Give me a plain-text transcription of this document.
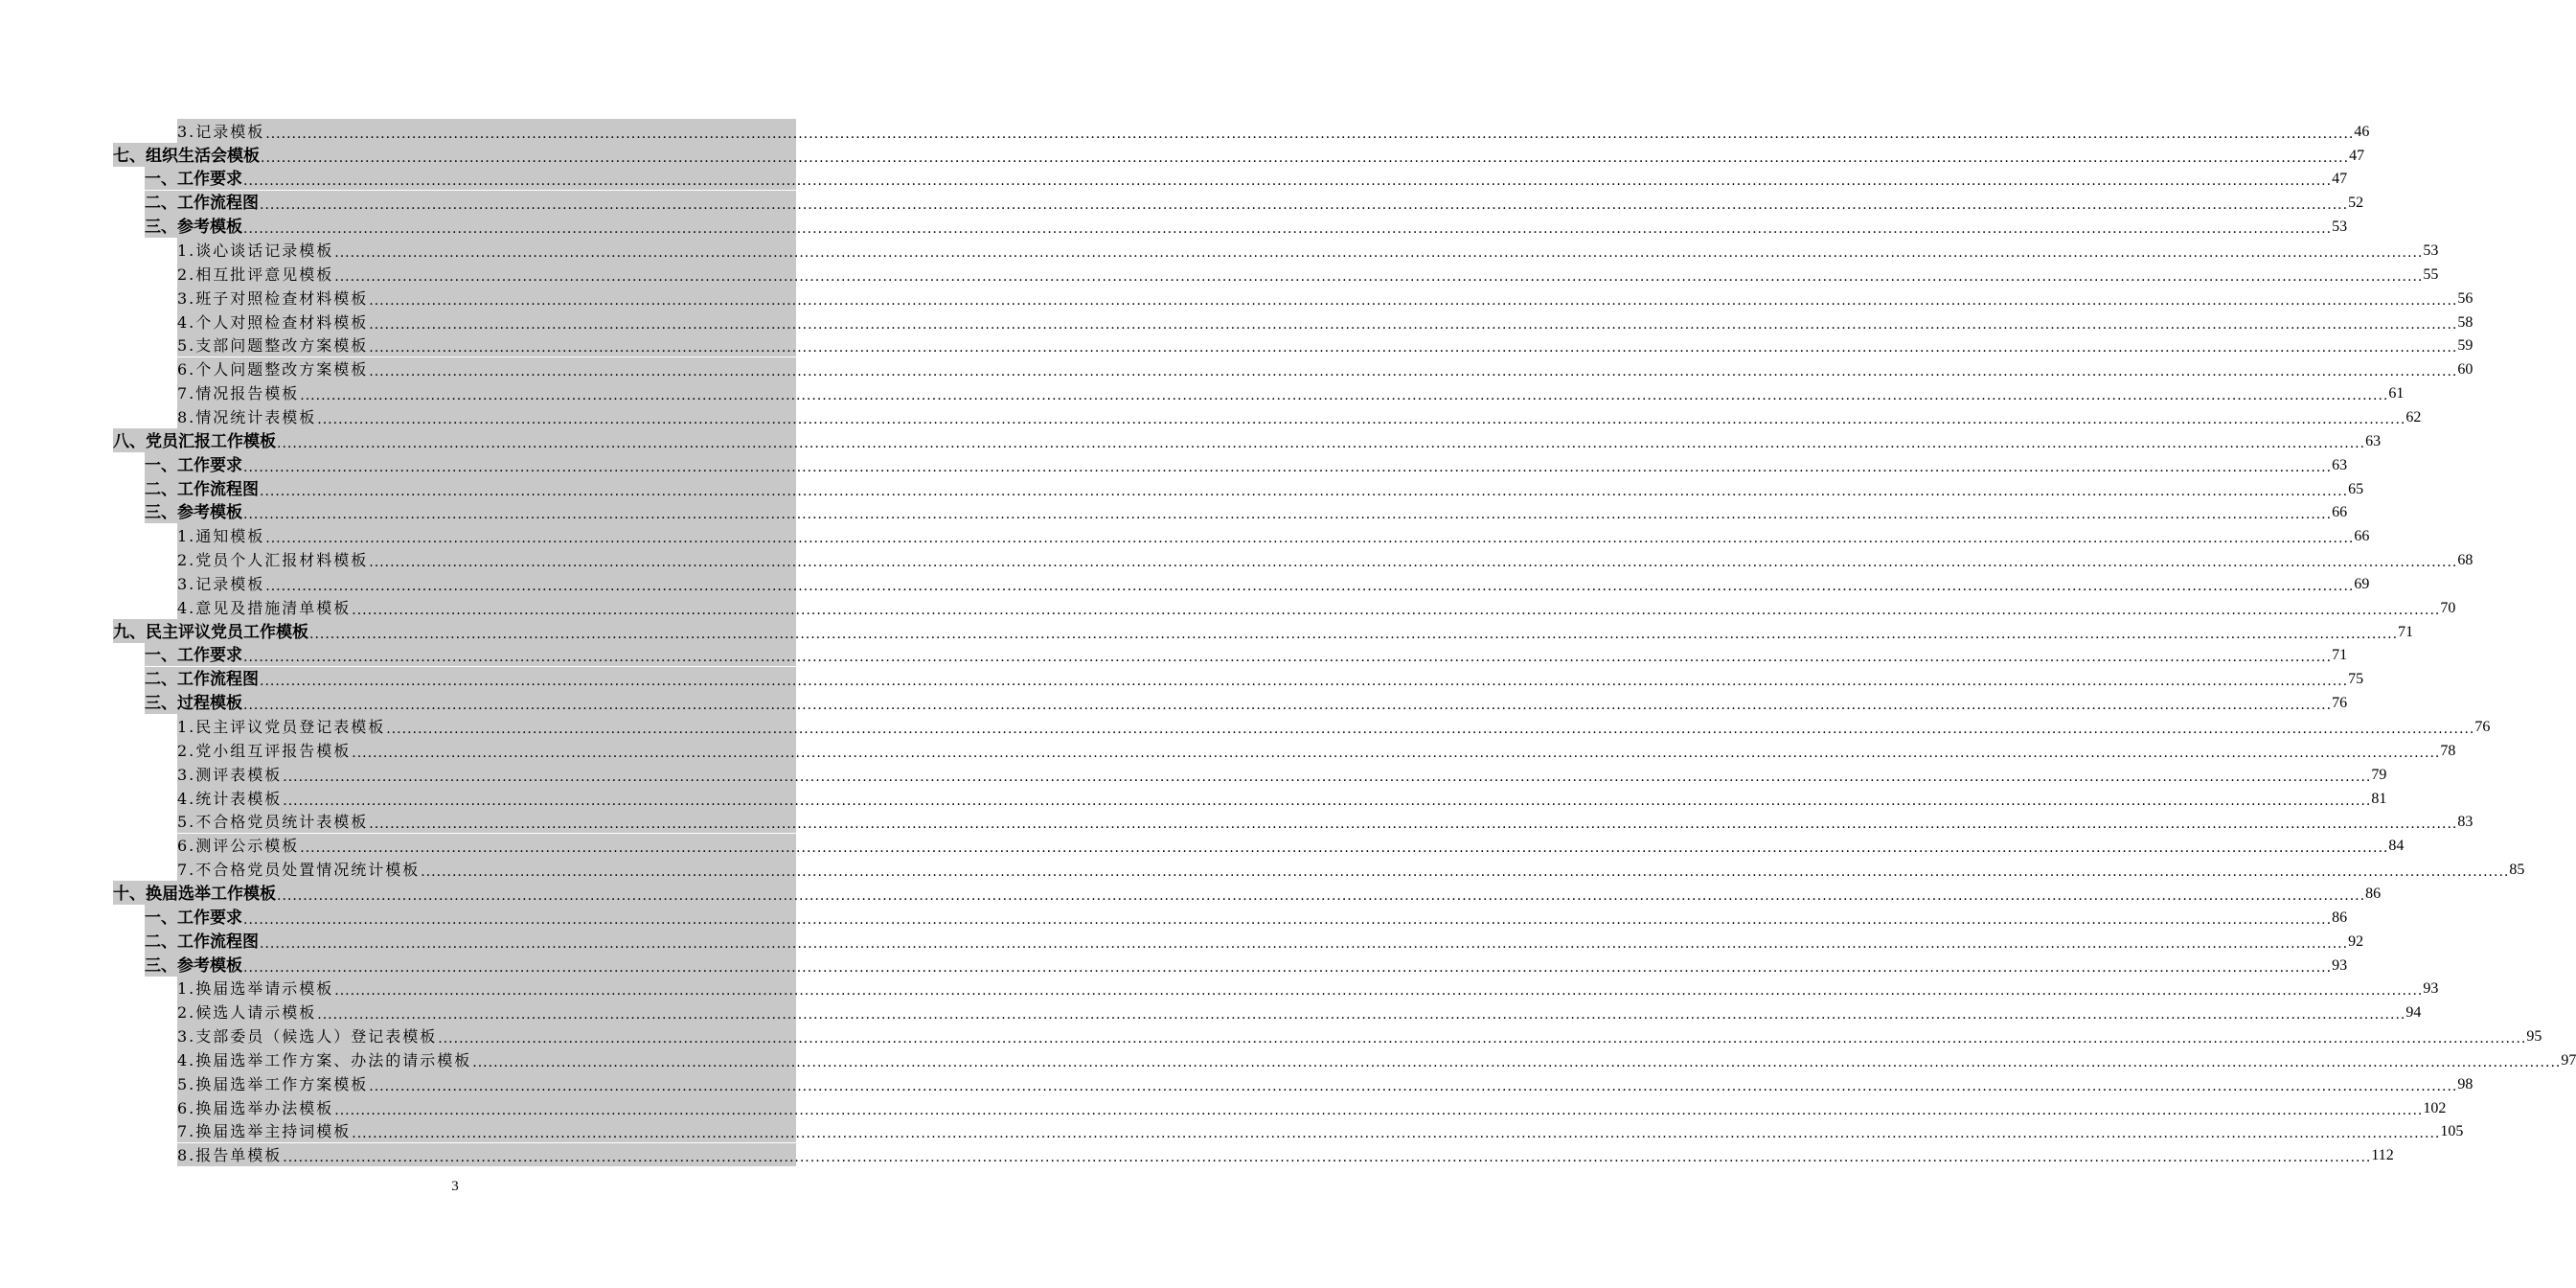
3.记录模板 ................................................................................................................................................................................................................................................................................................................................................................................................................ 46
七、组织生活会模板 ................................................................................................................................................................................................................................................................................................................................................................................................................ 47
一、工作要求 ................................................................................................................................................................................................................................................................................................................................................................................................................ 47
二、工作流程图 ................................................................................................................................................................................................................................................................................................................................................................................................................ 52
三、参考模板 ................................................................................................................................................................................................................................................................................................................................................................................................................ 53
1.谈心谈话记录模板 ................................................................................................................................................................................................................................................................................................................................................................................................................ 53
2.相互批评意见模板 ................................................................................................................................................................................................................................................................................................................................................................................................................ 55
3.班子对照检查材料模板 ................................................................................................................................................................................................................................................................................................................................................................................................................ 56
4.个人对照检查材料模板 ................................................................................................................................................................................................................................................................................................................................................................................................................ 58
5.支部问题整改方案模板 ................................................................................................................................................................................................................................................................................................................................................................................................................ 59
6.个人问题整改方案模板 ................................................................................................................................................................................................................................................................................................................................................................................................................ 60
7.情况报告模板 ................................................................................................................................................................................................................................................................................................................................................................................................................ 61
8.情况统计表模板 ................................................................................................................................................................................................................................................................................................................................................................................................................ 62
八、党员汇报工作模板 ................................................................................................................................................................................................................................................................................................................................................................................................................ 63
一、工作要求 ................................................................................................................................................................................................................................................................................................................................................................................................................ 63
二、工作流程图 ................................................................................................................................................................................................................................................................................................................................................................................................................ 65
三、参考模板 ................................................................................................................................................................................................................................................................................................................................................................................................................ 66
1.通知模板 ................................................................................................................................................................................................................................................................................................................................................................................................................ 66
2.党员个人汇报材料模板 ................................................................................................................................................................................................................................................................................................................................................................................................................ 68
3.记录模板 ................................................................................................................................................................................................................................................................................................................................................................................................................ 69
4.意见及措施清单模板 ................................................................................................................................................................................................................................................................................................................................................................................................................ 70
九、民主评议党员工作模板 ................................................................................................................................................................................................................................................................................................................................................................................................................ 71
一、工作要求 ................................................................................................................................................................................................................................................................................................................................................................................................................ 71
二、工作流程图 ................................................................................................................................................................................................................................................................................................................................................................................................................ 75
三、过程模板 ................................................................................................................................................................................................................................................................................................................................................................................................................ 76
1.民主评议党员登记表模板 ................................................................................................................................................................................................................................................................................................................................................................................................................ 76
2.党小组互评报告模板 ................................................................................................................................................................................................................................................................................................................................................................................................................ 78
3.测评表模板 ................................................................................................................................................................................................................................................................................................................................................................................................................ 79
4.统计表模板 ................................................................................................................................................................................................................................................................................................................................................................................................................ 81
5.不合格党员统计表模板 ................................................................................................................................................................................................................................................................................................................................................................................................................ 83
6.测评公示模板 ................................................................................................................................................................................................................................................................................................................................................................................................................ 84
7.不合格党员处置情况统计模板 ................................................................................................................................................................................................................................................................................................................................................................................................................ 85
十、换届选举工作模板 ................................................................................................................................................................................................................................................................................................................................................................................................................ 86
一、工作要求 ................................................................................................................................................................................................................................................................................................................................................................................................................ 86
二、工作流程图 ................................................................................................................................................................................................................................................................................................................................................................................................................ 92
三、参考模板 ................................................................................................................................................................................................................................................................................................................................................................................................................ 93
1.换届选举请示模板 ................................................................................................................................................................................................................................................................................................................................................................................................................ 93
2.候选人请示模板 ................................................................................................................................................................................................................................................................................................................................................................................................................ 94
3.支部委员（候选人）登记表模板 ................................................................................................................................................................................................................................................................................................................................................................................................................ 95
4.换届选举工作方案、办法的请示模板 ................................................................................................................................................................................................................................................................................................................................................................................................................ 97
5.换届选举工作方案模板 ................................................................................................................................................................................................................................................................................................................................................................................................................ 98
6.换届选举办法模板 ................................................................................................................................................................................................................................................................................................................................................................................................................ 102
7.换届选举主持词模板 ................................................................................................................................................................................................................................................................................................................................................................................................................ 105
8.报告单模板 ................................................................................................................................................................................................................................................................................................................................................................................................................ 112
3
